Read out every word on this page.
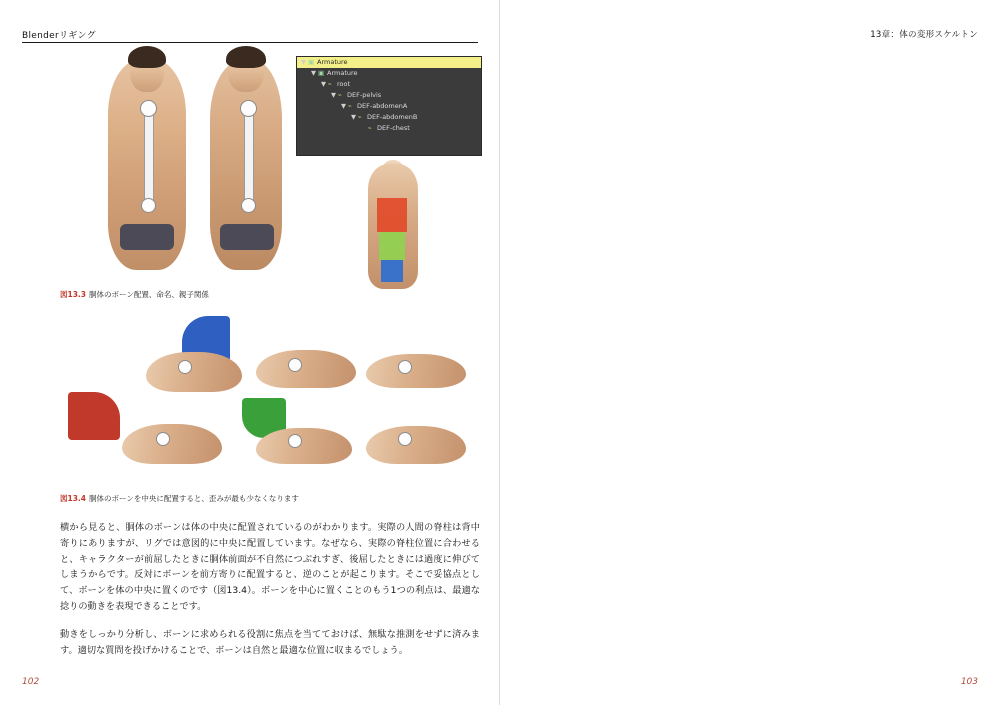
Blenderリギング
▼ ▣ Armature
▼ ▣ Armature
▼ ⌁ root
▼ ⌁ DEF-pelvis
▼ ⌁ DEF-abdomenA
▼ ⌁ DEF-abdomenB
⌁ DEF-chest
図13.3 胴体のボーン配置、命名、親子関係
図13.4 胴体のボーンを中央に配置すると、歪みが最も少なくなります

横から見ると、胴体のボーンは体の中央に配置されているのがわかります。実際の人間の脊柱は背中寄りにありますが、リグでは意図的に中央に配置しています。なぜなら、実際の脊柱位置に合わせると、キャラクターが前屈したときに胴体前面が不自然につぶれすぎ、後屈したときには過度に伸びてしまうからです。反対にボーンを前方寄りに配置すると、逆のことが起こります。そこで妥協点として、ボーンを体の中央に置くのです（図13.4）。ボーンを中心に置くことのもう1つの利点は、最適な捻りの動きを表現できることです。

動きをしっかり分析し、ボーンに求められる役割に焦点を当てておけば、無駄な推測をせずに済みます。適切な質問を投げかけることで、ボーンは自然と最適な位置に収まるでしょう。

102
13章：体の変形スケルトン

103
